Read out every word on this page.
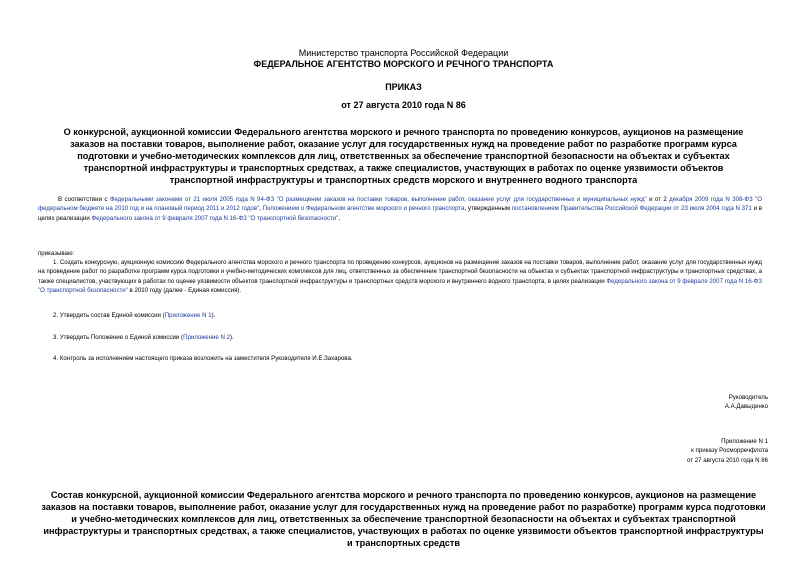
Министерство транспорта Российской Федерации
ФЕДЕРАЛЬНОЕ АГЕНТСТВО МОРСКОГО И РЕЧНОГО ТРАНСПОРТА
ПРИКАЗ
от 27 августа 2010 года N 86
О конкурсной, аукционной комиссии Федерального агентства морского и речного транспорта по проведению конкурсов, аукционов на размещение заказов на поставки товаров, выполнение работ, оказание услуг для государственных нужд на проведение работ по разработке программ курса подготовки и учебно-методических комплексов для лиц, ответственных за обеспечение транспортной безопасности на объектах и субъектах транспортной инфраструктуры и транспортных средствах, а также специалистов, участвующих в работах по оценке уязвимости объектов транспортной инфраструктуры и транспортных средств морского и внутреннего водного транспорта
В соответствии с Федеральными законами от 21 июля 2005 года N 94-ФЗ "О размещении заказов на поставки товаров, выполнение работ, оказание услуг для государственных и муниципальных нужд" и от 2 декабря 2009 года N 308-ФЗ "О федеральном бюджете на 2010 год и на плановый период 2011 и 2012 годов", Положением о Федеральном агентстве морского и речного транспорта, утвержденным постановлением Правительства Российской Федерации от 23 июля 2004 года N 371 и в целях реализации Федерального закона от 9 февраля 2007 года N 16-ФЗ "О транспортной безопасности",
приказываю:
1. Создать конкурсную, аукционную комиссию Федерального агентства морского и речного транспорта по проведению конкурсов, аукционов на размещение заказов на поставки товаров, выполнение работ, оказание услуг для государственных нужд на проведение работ по разработке программ курса подготовки и учебно-методических комплексов для лиц, ответственных за обеспечение транспортной безопасности на объектах и субъектах транспортной инфраструктуры и транспортных средствах, а также специалистов, участвующих в работах по оценке уязвимости объектов транспортной инфраструктуры и транспортных средств морского и внутреннего водного транспорта, в целях реализации Федерального закона от 9 февраля 2007 года N 16-ФЗ "О транспортной безопасности" в 2010 году (далее - Единая комиссия).
2. Утвердить состав Единой комиссии (Приложение N 1).
3. Утвердить Положение о Единой комиссии (Приложение N 2).
4. Контроль за исполнением настоящего приказа возложить на заместителя Руководителя И.Е.Захарова.
Руководитель
А.А.Давыденко
Приложение N 1
к приказу Росморречфлота
от 27 августа 2010 года N 86
Состав конкурсной, аукционной комиссии Федерального агентства морского и речного транспорта по проведению конкурсов, аукционов на размещение заказов на поставки товаров, выполнение работ, оказание услуг для государственных нужд на проведение работ по разработке) программ курса подготовки и учебно-методических комплексов для лиц, ответственных за обеспечение транспортной безопасности на объектах и субъектах транспортной инфраструктуры и транспортных средствах, а также специалистов, участвующих в работах по оценке уязвимости объектов транспортной инфраструктуры и транспортных средств
